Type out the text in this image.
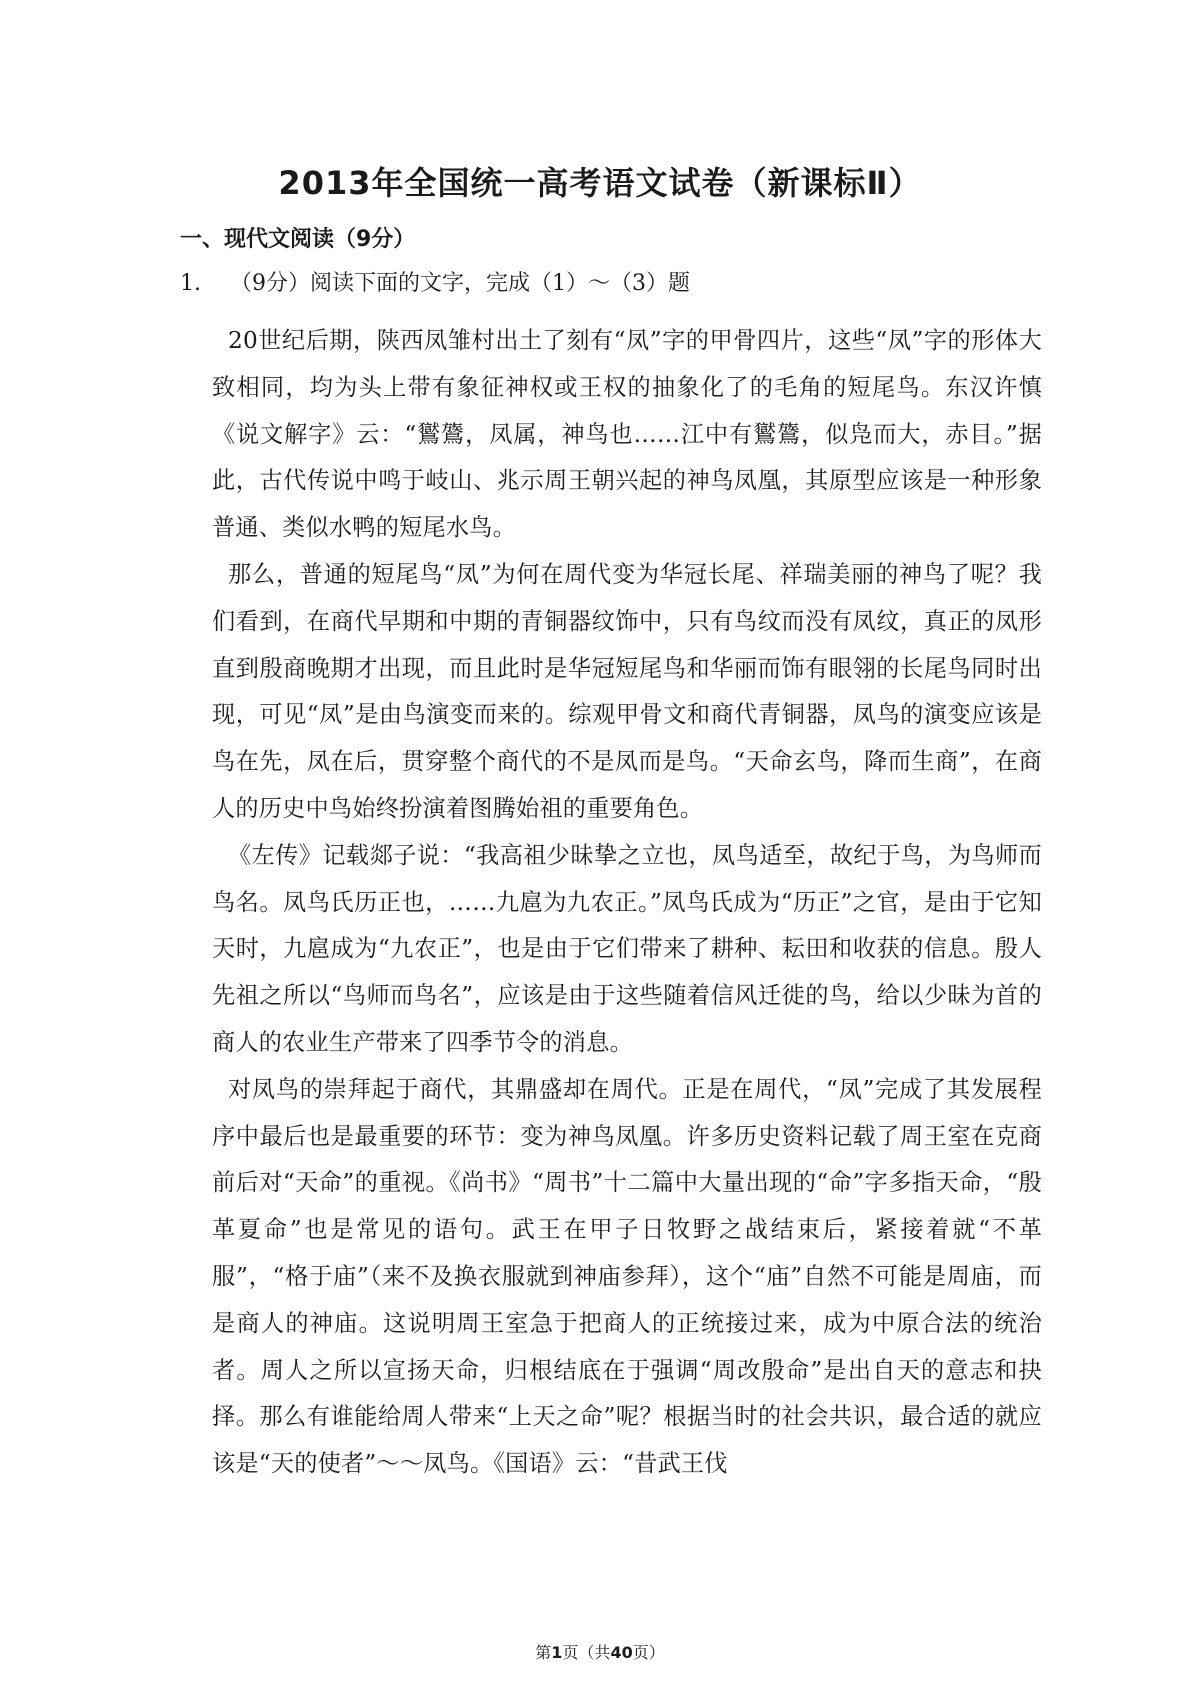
2013年全国统一高考语文试卷（新课标Ⅱ）
一、现代文阅读（9分）

1. （9分）阅读下面的文字，完成（1）〜（3）题

20世纪后期，陕西凤雏村出土了刻有“凤”字的甲骨四片，这些“凤”字的形体大致相同，均为头上带有象征神权或王权的抽象化了的毛角的短尾鸟。东汉许慎《说文解字》云：“鸑鷟，凤属，神鸟也……江中有鸑鷟，似凫而大，赤目。”据此，古代传说中鸣于岐山、兆示周王朝兴起的神鸟凤凰，其原型应该是一种形象普通、类似水鸭的短尾水鸟。

那么，普通的短尾鸟“凤”为何在周代变为华冠长尾、祥瑞美丽的神鸟了呢？我们看到，在商代早期和中期的青铜器纹饰中，只有鸟纹而没有凤纹，真正的凤形直到殷商晚期才出现，而且此时是华冠短尾鸟和华丽而饰有眼翎的长尾鸟同时出现，可见“凤”是由鸟演变而来的。综观甲骨文和商代青铜器，凤鸟的演变应该是鸟在先，凤在后，贯穿整个商代的不是凤而是鸟。“天命玄鸟，降而生商”，在商人的历史中鸟始终扮演着图腾始祖的重要角色。

《左传》记载郯子说：“我高祖少昧挚之立也，凤鸟适至，故纪于鸟，为鸟师而鸟名。凤鸟氏历正也，……九扈为九农正。”凤鸟氏成为“历正”之官，是由于它知天时，九扈成为“九农正”，也是由于它们带来了耕种、耘田和收获的信息。殷人先祖之所以“鸟师而鸟名”，应该是由于这些随着信风迁徙的鸟，给以少昧为首的商人的农业生产带来了四季节令的消息。

对凤鸟的崇拜起于商代，其鼎盛却在周代。正是在周代，“凤”完成了其发展程序中最后也是最重要的环节：变为神鸟凤凰。许多历史资料记载了周王室在克商前后对“天命”的重视。《尚书》“周书”十二篇中大量出现的“命”字多指天命，“殷革夏命”也是常见的语句。武王在甲子日牧野之战结束后，紧接着就“不革服”，“格于庙”（来不及换衣服就到神庙参拜），这个“庙”自然不可能是周庙，而是商人的神庙。这说明周王室急于把商人的正统接过来，成为中原合法的统治者。周人之所以宣扬天命，归根结底在于强调“周改殷命”是出自天的意志和抉择。那么有谁能给周人带来“上天之命”呢？根据当时的社会共识，最合适的就应该是“天的使者”〜〜凤鸟。《国语》云：“昔武王伐

第1页（共40页）
